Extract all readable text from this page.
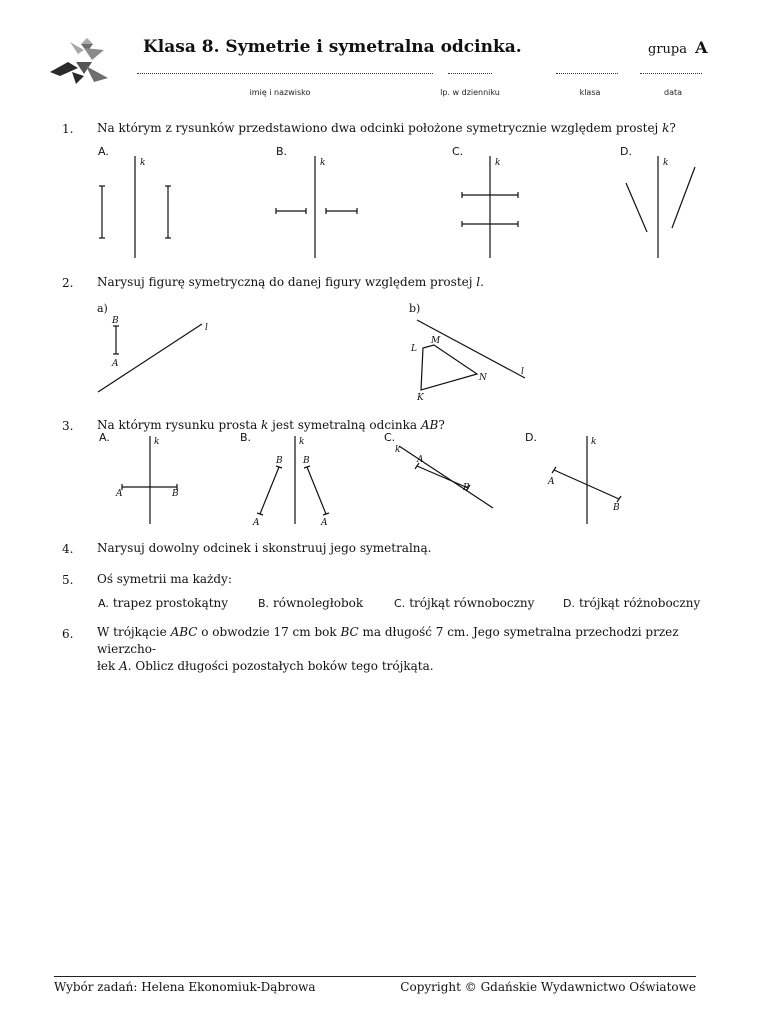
Klasa 8. Symetrie i symetralna odcinka.	grupa A
imię i nazwisko	lp. w dzienniku	klasa	data
1. Na którym z rysunków przedstawiono dwa odcinki położone symetrycznie względem prostej k?
A.	B.	C.	D.
k	k	k	k
2. Narysuj figurę symetryczną do danej figury względem prostej l.
a)	b)
B
A
l
l
L
M
N
K
3. Na którym rysunku prosta k jest symetralną odcinka AB?
A.	B.	C.	D.
k
A	B
k
B B
A	A
k
A
B
k
A
B
4. Narysuj dowolny odcinek i skonstruuj jego symetralną.
5. Oś symetrii ma każdy:
A. trapez prostokątny	B. równoległobok	C. trójkąt równoboczny	D. trójkąt różnoboczny
6. W trójkącie ABC o obwodzie 17 cm bok BC ma długość 7 cm. Jego symetralna przechodzi przez wierzcho-
łek A. Oblicz długości pozostałych boków tego trójkąta.
Wybór zadań: Helena Ekonomiuk-Dąbrowa	Copyright © Gdańskie Wydawnictwo Oświatowe
